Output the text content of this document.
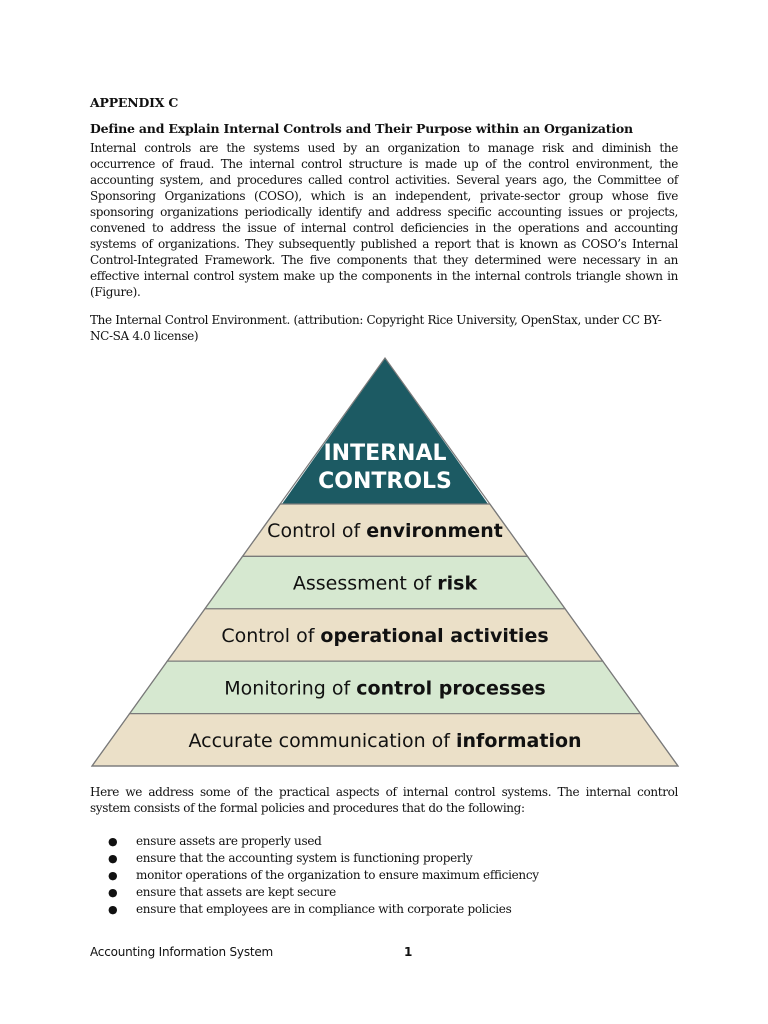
APPENDIX C
Define and Explain Internal Controls and Their Purpose within an Organization
Internal controls are the systems used by an organization to manage risk and diminish the occurrence of fraud. The internal control structure is made up of the control environment, the accounting system, and procedures called control activities. Several years ago, the Committee of Sponsoring Organizations (COSO), which is an independent, private-sector group whose five sponsoring organizations periodically identify and address specific accounting issues or projects, convened to address the issue of internal control deficiencies in the operations and accounting systems of organizations. They subsequently published a report that is known as COSO’s Internal Control-Integrated Framework. The five components that they determined were necessary in an effective internal control system make up the components in the internal controls triangle shown in (Figure).
The Internal Control Environment. (attribution: Copyright Rice University, OpenStax, under CC BY-NC-SA 4.0 license)
INTERNAL
CONTROLS
Control of environment
Assessment of risk
Control of operational activities
Monitoring of control processes
Accurate communication of information
Here we address some of the practical aspects of internal control systems. The internal control system consists of the formal policies and procedures that do the following:
● ensure assets are properly used
● ensure that the accounting system is functioning properly
● monitor operations of the organization to ensure maximum efficiency
● ensure that assets are kept secure
● ensure that employees are in compliance with corporate policies
Accounting Information System	1
